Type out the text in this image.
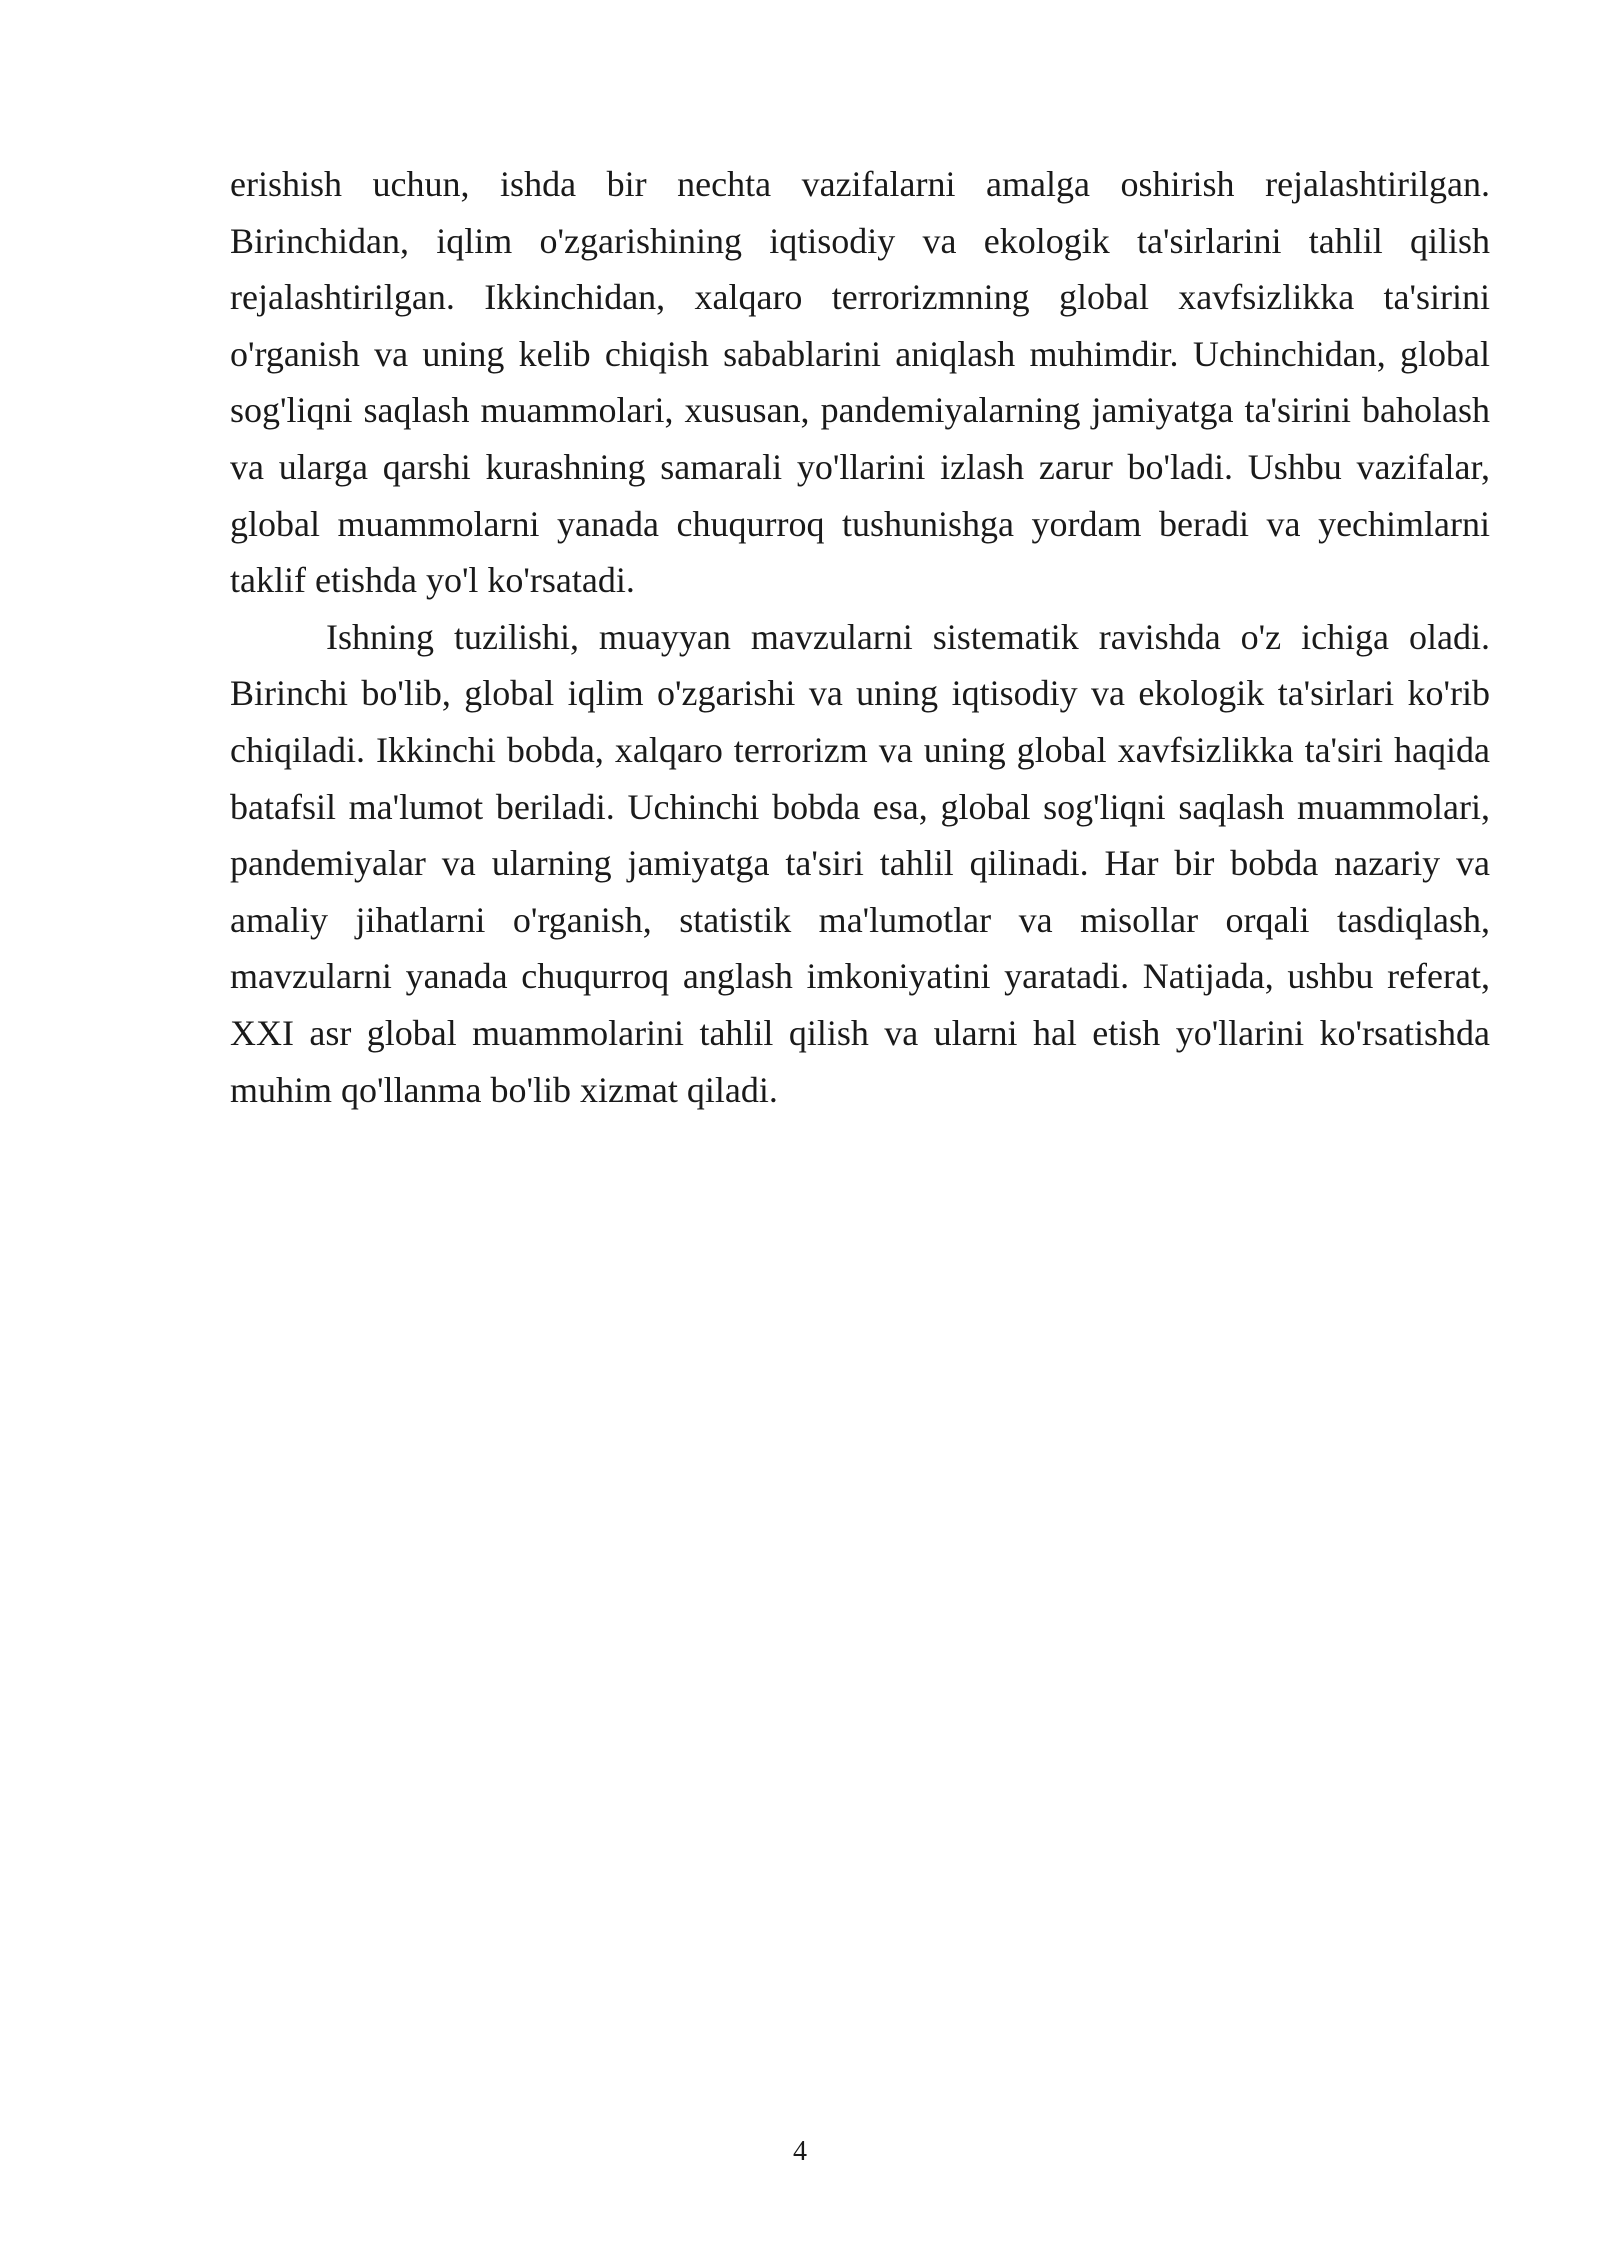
erishish uchun, ishda bir nechta vazifalarni amalga oshirish rejalashtirilgan. Birinchidan, iqlim o'zgarishining iqtisodiy va ekologik ta'sirlarini tahlil qilish rejalashtirilgan. Ikkinchidan, xalqaro terrorizmning global xavfsizlikka ta'sirini o'rganish va uning kelib chiqish sabablarini aniqlash muhimdir. Uchinchidan, global sog'liqni saqlash muammolari, xususan, pandemiyalarning jamiyatga ta'sirini baholash va ularga qarshi kurashning samarali yo'llarini izlash zarur bo'ladi. Ushbu vazifalar, global muammolarni yanada chuqurroq tushunishga yordam beradi va yechimlarni taklif etishda yo'l ko'rsatadi.

Ishning tuzilishi, muayyan mavzularni sistematik ravishda o'z ichiga oladi. Birinchi bo'lib, global iqlim o'zgarishi va uning iqtisodiy va ekologik ta'sirlari ko'rib chiqiladi. Ikkinchi bobda, xalqaro terrorizm va uning global xavfsizlikka ta'siri haqida batafsil ma'lumot beriladi. Uchinchi bobda esa, global sog'liqni saqlash muammolari, pandemiyalar va ularning jamiyatga ta'siri tahlil qilinadi. Har bir bobda nazariy va amaliy jihatlarni o'rganish, statistik ma'lumotlar va misollar orqali tasdiqlash, mavzularni yanada chuqurroq anglash imkoniyatini yaratadi. Natijada, ushbu referat, XXI asr global muammolarini tahlil qilish va ularni hal etish yo'llarini ko'rsatishda muhim qo'llanma bo'lib xizmat qiladi.

4
